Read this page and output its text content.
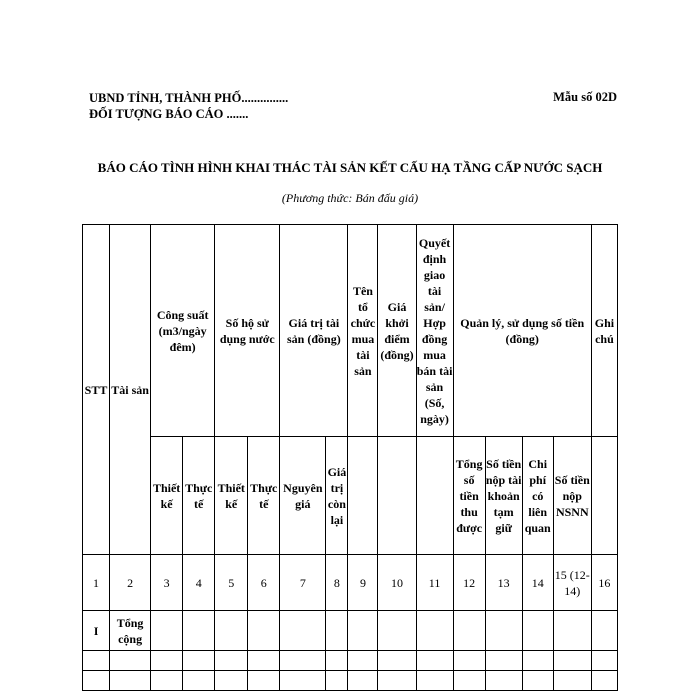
UBND TỈNH, THÀNH PHỐ...............
ĐỐI TƯỢNG BÁO CÁO .......
Mẫu số 02D
BÁO CÁO TÌNH HÌNH KHAI THÁC TÀI SẢN KẾT CẤU HẠ TẦNG CẤP NƯỚC SẠCH
(Phương thức: Bán đấu giá)
STT	Tài sản	Công suất (m3/ngày đêm)		Số hộ sử dụng nước		Giá trị tài sản (đồng)		Tên tổ chức mua tài sản	Giá khởi điểm (đồng)	Quyết định giao tài sản/ Hợp đồng mua bán tài sản (Số, ngày)	Quản lý, sử dụng số tiền (đồng)				Ghi chú
		Thiết kế	Thực tế	Thiết kế	Thực tế	Nguyên giá	Giá trị còn lại				Tổng số tiền thu được	Số tiền nộp tài khoản tạm giữ	Chi phí có liên quan	Số tiền nộp NSNN	
1	2	3	4	5	6	7	8	9	10	11	12	13	14	15 (12-14)	16
I	Tổng cộng														
